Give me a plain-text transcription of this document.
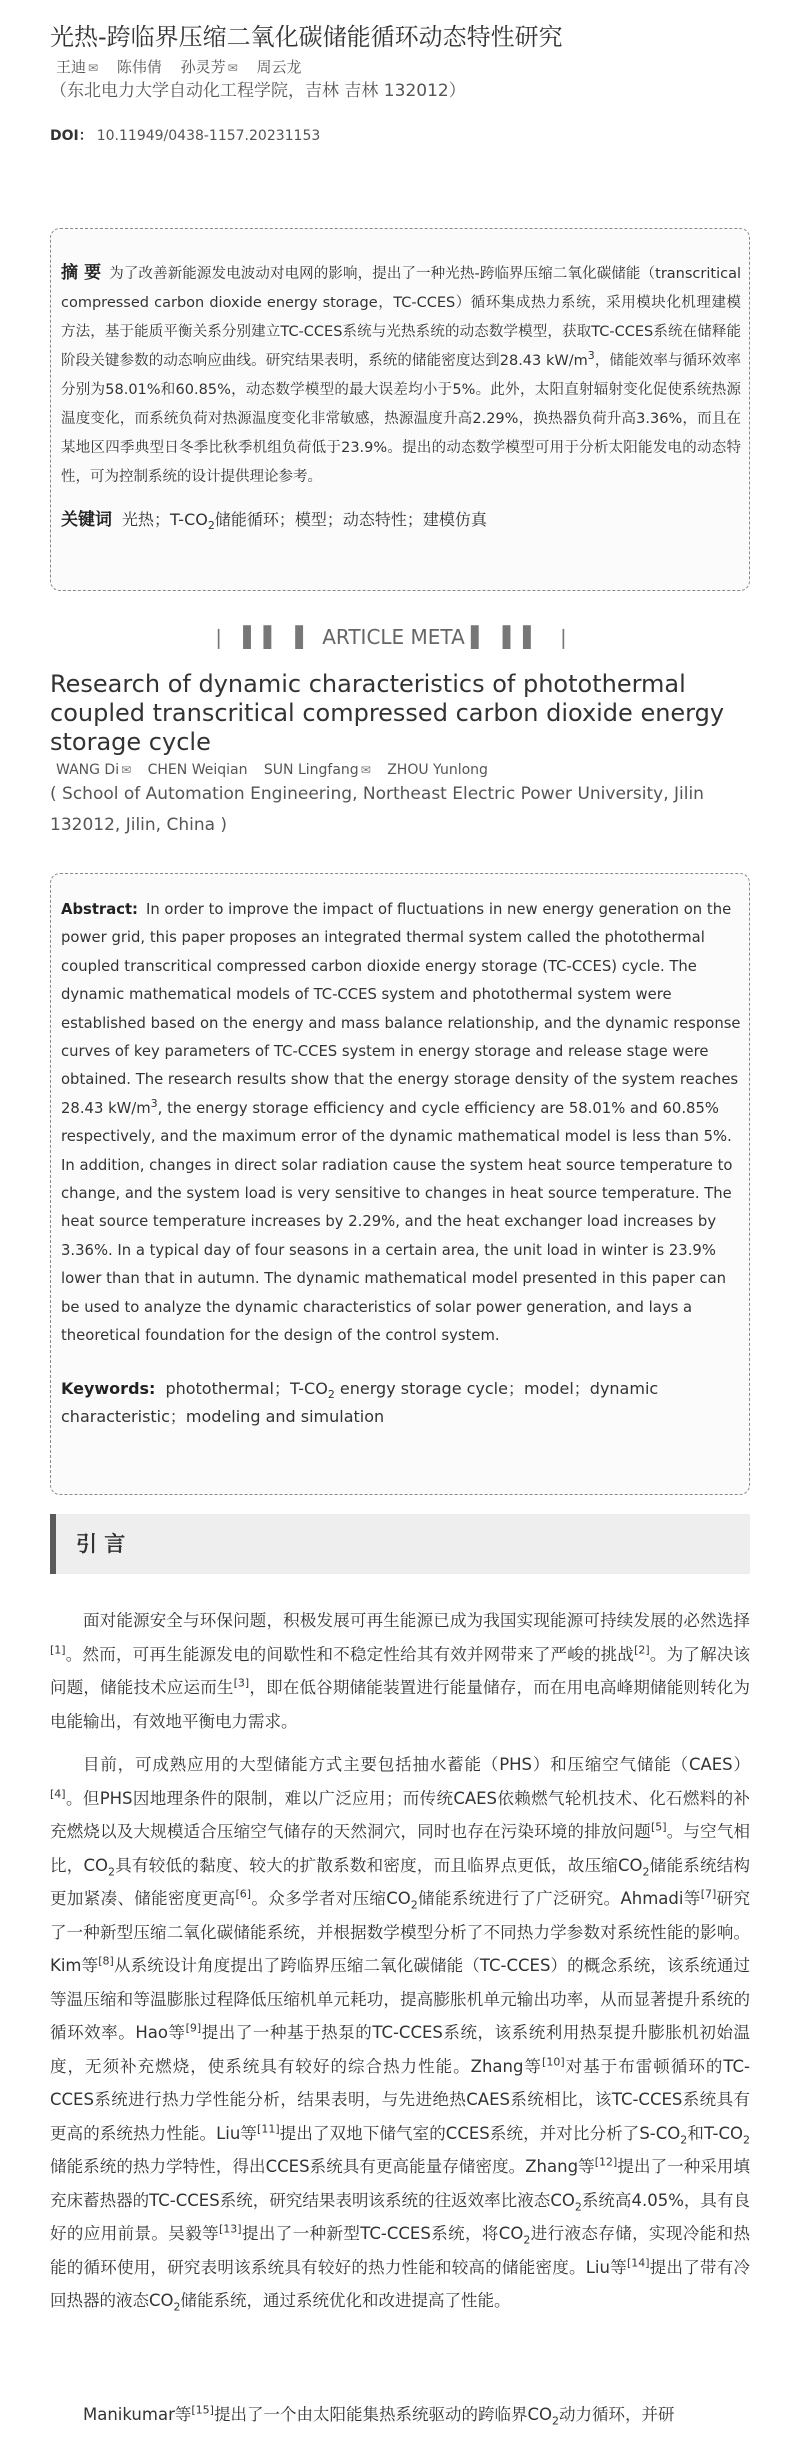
光热-跨临界压缩二氧化碳储能循环动态特性研究
王迪 ✉ 陈伟倩 孙灵芳 ✉ 周云龙
（东北电力大学自动化工程学院，吉林 吉林 132012）
DOI： 10.11949/0438-1157.20231153

摘 要 为了改善新能源发电波动对电网的影响，提出了一种光热-跨临界压缩二氧化碳储能（transcritical compressed carbon dioxide energy storage，TC-CCES）循环集成热力系统，采用模块化机理建模方法，基于能质平衡关系分别建立TC-CCES系统与光热系统的动态数学模型，获取TC-CCES系统在储释能阶段关键参数的动态响应曲线。研究结果表明，系统的储能密度达到28.43 $kW/m^3$，储能效率与循环效率分别为58.01%和60.85%，动态数学模型的最大误差均小于5%。此外，太阳直射辐射变化促使系统热源温度变化，而系统负荷对热源温度变化非常敏感，热源温度升高2.29%，换热器负荷升高3.36%，而且在某地区四季典型日冬季比秋季机组负荷低于23.9%。提出的动态数学模型可用于分析太阳能发电的动态特性，可为控制系统的设计提供理论参考。

关键词 光热；$T-CO_2$储能循环；模型；动态特性；建模仿真

❘ ▌▌ ▌ ARTICLE META ▌ ▌▌ ❘
Research of dynamic characteristics of photothermal coupled transcritical compressed carbon dioxide energy storage cycle
WANG Di ✉ CHEN Weiqian SUN Lingfang ✉ ZHOU Yunlong
( School of Automation Engineering, Northeast Electric Power University, Jilin 132012, Jilin, China )

Abstract: In order to improve the impact of fluctuations in new energy generation on the power grid, this paper proposes an integrated thermal system called the photothermal coupled transcritical compressed carbon dioxide energy storage (TC-CCES) cycle. The dynamic mathematical models of TC-CCES system and photothermal system were established based on the energy and mass balance relationship, and the dynamic response curves of key parameters of TC-CCES system in energy storage and release stage were obtained. The research results show that the energy storage density of the system reaches 28.43 $kW/m^3$, the energy storage efficiency and cycle efficiency are 58.01% and 60.85% respectively, and the maximum error of the dynamic mathematical model is less than 5%. In addition, changes in direct solar radiation cause the system heat source temperature to change, and the system load is very sensitive to changes in heat source temperature. The heat source temperature increases by 2.29%, and the heat exchanger load increases by 3.36%. In a typical day of four seasons in a certain area, the unit load in winter is 23.9% lower than that in autumn. The dynamic mathematical model presented in this paper can be used to analyze the dynamic characteristics of solar power generation, and lays a theoretical foundation for the design of the control system.

Keywords: photothermal；$T-CO_2$ energy storage cycle；model；dynamic characteristic；modeling and simulation

引 言

面对能源安全与环保问题，积极发展可再生能源已成为我国实现能源可持续发展的必然选择[1]。然而，可再生能源发电的间歇性和不稳定性给其有效并网带来了严峻的挑战[2]。为了解决该问题，储能技术应运而生[3]，即在低谷期储能装置进行能量储存，而在用电高峰期储能则转化为电能输出，有效地平衡电力需求。

目前，可成熟应用的大型储能方式主要包括抽水蓄能（PHS）和压缩空气储能（CAES）[4]。但PHS因地理条件的限制，难以广泛应用；而传统CAES依赖燃气轮机技术、化石燃料的补充燃烧以及大规模适合压缩空气储存的天然洞穴，同时也存在污染环境的排放问题[5]。与空气相比，$CO_2$具有较低的黏度、较大的扩散系数和密度，而且临界点更低，故压缩$CO_2$储能系统结构更加紧凑、储能密度更高[6]。众多学者对压缩$CO_2$储能系统进行了广泛研究。Ahmadi等[7]研究了一种新型压缩二氧化碳储能系统，并根据数学模型分析了不同热力学参数对系统性能的影响。Kim等[8]从系统设计角度提出了跨临界压缩二氧化碳储能（TC-CCES）的概念系统，该系统通过等温压缩和等温膨胀过程降低压缩机单元耗功，提高膨胀机单元输出功率，从而显著提升系统的循环效率。Hao等[9]提出了一种基于热泵的TC-CCES系统，该系统利用热泵提升膨胀机初始温度，无须补充燃烧，使系统具有较好的综合热力性能。Zhang等[10]对基于布雷顿循环的TC-CCES系统进行热力学性能分析，结果表明，与先进绝热CAES系统相比，该TC-CCES系统具有更高的系统热力性能。Liu等[11]提出了双地下储气室的CCES系统，并对比分析了$S-CO_2$和$T-CO_2$储能系统的热力学特性，得出CCES系统具有更高能量存储密度。Zhang等[12]提出了一种采用填充床蓄热器的TC-CCES系统，研究结果表明该系统的往返效率比液态$CO_2$系统高4.05%，具有良好的应用前景。吴毅等[13]提出了一种新型TC-CCES系统，将$CO_2$进行液态存储，实现冷能和热能的循环使用，研究表明该系统具有较好的热力性能和较高的储能密度。Liu等[14]提出了带有冷回热器的液态$CO_2$储能系统，通过系统优化和改进提高了性能。

Manikumar等[15]提出了一个由太阳能集热系统驱动的跨临界$CO_2$动力循环，并研
